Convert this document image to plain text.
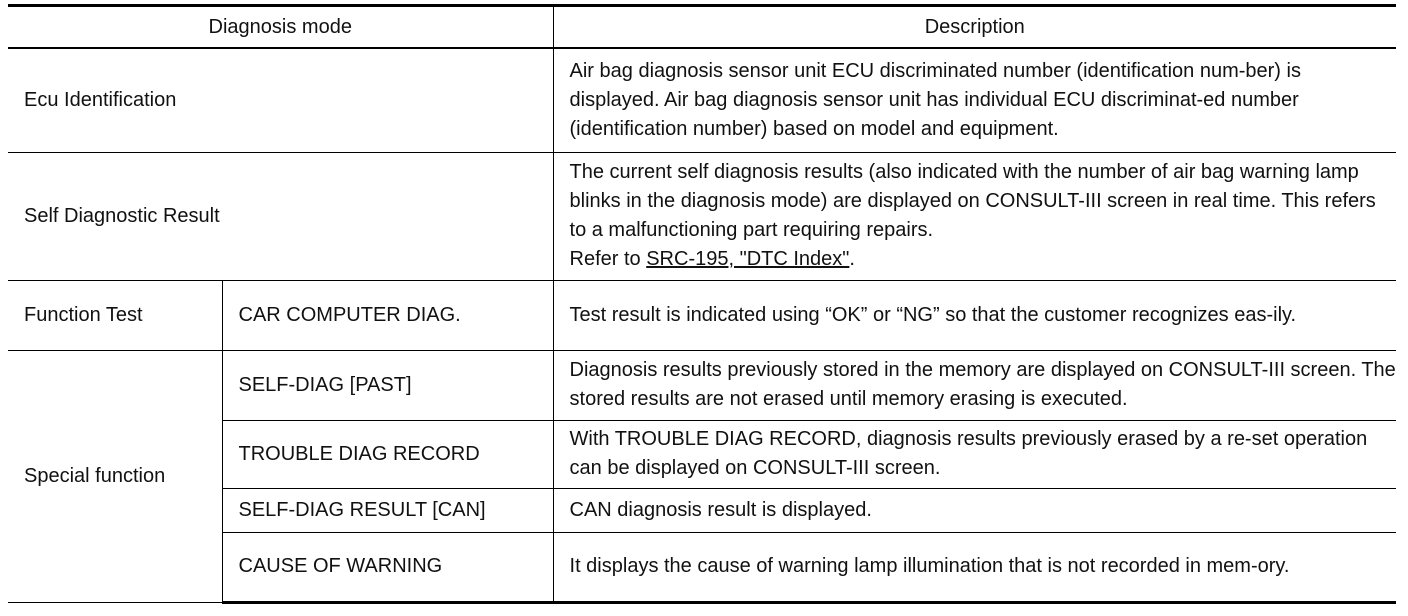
Diagnosis mode		Description
Ecu Identification		Air bag diagnosis sensor unit ECU discriminated number (identification num-ber) is displayed. Air bag diagnosis sensor unit has individual ECU discriminat-ed number (identification number) based on model and equipment.
Self Diagnostic Result		The current self diagnosis results (also indicated with the number of air bag warning lamp blinks in the diagnosis mode) are displayed on CONSULT-III screen in real time. This refers to a malfunctioning part requiring repairs.
Refer to SRC-195, "DTC Index".
Function Test	CAR COMPUTER DIAG.	Test result is indicated using “OK” or “NG” so that the customer recognizes eas-ily.
Special function	SELF-DIAG [PAST]	Diagnosis results previously stored in the memory are displayed on CONSULT-III screen. The stored results are not erased until memory erasing is executed.
	TROUBLE DIAG RECORD	With TROUBLE DIAG RECORD, diagnosis results previously erased by a re-set operation can be displayed on CONSULT-III screen.
	SELF-DIAG RESULT [CAN]	CAN diagnosis result is displayed.
	CAUSE OF WARNING	It displays the cause of warning lamp illumination that is not recorded in mem-ory.
